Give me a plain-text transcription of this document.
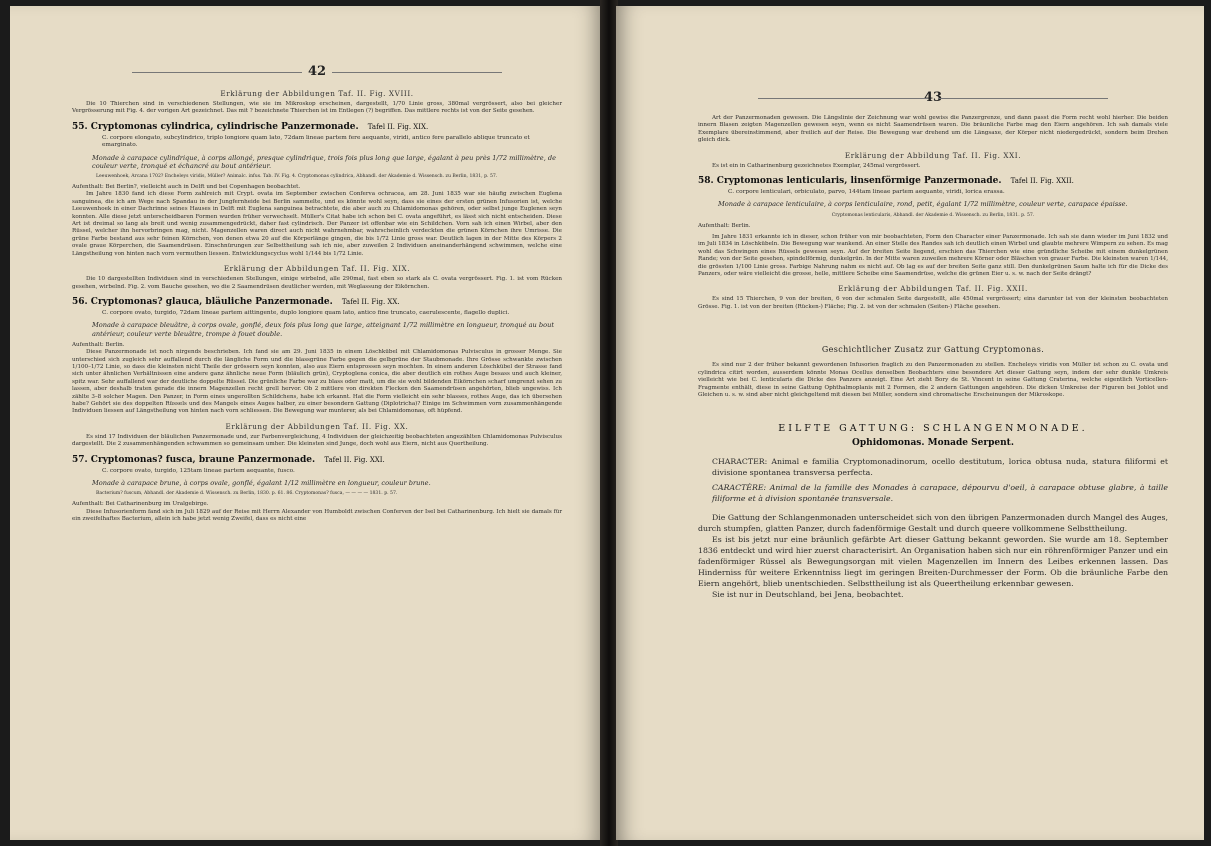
42
Erklärung der Abbildungen Taf. II. Fig. XVIII.

Die 10 Thierchen sind in verschiedenen Stellungen, wie sie im Mikroskop erscheinen, dargestellt, 1/70 Linie gross, 380mal vergrössert, also bei gleicher Vergrösserung mit Fig. 4. der vorigen Art gezeichnet. Das mit ? bezeichnete Thierchen ist im Entlegen (?) begriffen. Das mittlere rechts ist von der Seite gesehen.

55. Cryptomonas cylindrica, cylindrische Panzermonade. Tafel II. Fig. XIX.

C. corpore elongato, subcylindrico, triplo longiore quam lato, 72dam lineae partem fere aequante, viridi, antico fere parallelo ablique truncato et emarginato.

Monade à carapace cylindrique, à corps allongé, presque cylindrique, trois fois plus long que large, égalant à peu près 1/72 millimètre, de couleur verte, tronqué et échancré au bout antérieur.

Leeuwenhoek, Arcana 1702? Encheleys viridis, Müller? Animalc. infus. Tab. IV. Fig. 4. Cryptomonas cylindrica, Abhandl. der Akademie d. Wissensch. zu Berlin, 1831, p. 57.

Aufenthalt: Bei Berlin?, vielleicht auch in Delft und bei Copenhagen beobachtet.

Im Jahre 1830 fand ich diese Form zahlreich mit Crypt. ovata im September zwischen Conferva ochracea, am 28. Juni 1835 war sie häufig zwischen Euglena sanguinea, die ich am Wege nach Spandau in der Jungfernheide bei Berlin sammelte, und es könnte wohl seyn, dass sie eines der ersten grünen Infusorien ist, welche Leeuwenhoek in einer Dachrinne seines Hauses in Delft mit Euglena sanguinea betrachtete, die aber auch zu Chlamidomonas gehören, oder selbst junge Euglenen seyn konnten. Alle diese jetzt unterscheidbaren Formen wurden früher verwechselt. Müller's Citat habe ich schon bei C. ovata angeführt, es lässt sich nicht entscheiden. Diese Art ist dreimal so lang als breit und wenig zusammengedrückt, daher fast cylindrisch. Der Panzer ist offenbar wie ein Schildchen. Vorn sah ich einen Wirbel, aber den Rüssel, welcher ihn hervorbringen mag, nicht. Magenzellen waren direct auch nicht wahrnehmbar, wahrscheinlich verdeckten die grünen Körnchen ihre Umrisse. Die grüne Farbe bestand aus sehr feinen Körnchen, von denen etwa 20 auf die Körperlänge gingen, die bis 1/72 Linie gross war. Deutlich lagen in der Mitte des Körpers 2 ovale graue Körperchen, die Saamendrüsen. Einschnürungen zur Selbsttheilung sah ich nie, aber zuweilen 2 Individuen aneinanderhängend schwimmen, welche eine Längstheilung von hinten nach vorn vermuthen liessen. Entwicklungscyclus wohl 1/144 bis 1/72 Linie.

Erklärung der Abbildungen Taf. II. Fig. XIX.

Die 10 dargestellten Individuen sind in verschiedenen Stellungen, einige wirbelnd, alle 290mal, fast eben so stark als C. ovata vergrössert. Fig. 1. ist vom Rücken gesehen, wirbelnd. Fig. 2. vom Bauche gesehen, wo die 2 Saamendrüsen deutlicher werden, mit Weglassung der Eikörnchen.

56. Cryptomonas? glauca, bläuliche Panzermonade. Tafel II. Fig. XX.

C. corpore ovato, turgido, 72dam lineae partem aittingente, duplo longiore quam lato, antico fine truncato, caerulescente, flagello duplici.

Monade à carapace bleuâtre, à corps ovale, gonflé, deux fois plus long que large, atteignant 1/72 millimètre en longueur, tronqué au bout antérieur, couleur verte bleuâtre, trompe à fouet double.

Aufenthalt: Berlin.

Diese Panzermonade ist noch nirgends beschrieben. Ich fand sie am 29. Juni 1835 in einem Löschkübel mit Chlamidomonas Pulvisculus in grosser Menge. Sie unterschied sich zugleich sehr auffallend durch die längliche Form und die blassgrüne Farbe gegen die gelbgrüne der Staubmonade. Ihre Grösse schwankte zwischen 1/100–1/72 Linie, so dass die kleinsten nicht Theile der grössern seyn konnten, also aus Eiern entsprossen seyn mochten. In einem anderen Löschkübel der Strasse fand sich unter ähnlichen Verhältnissen eine andere ganz ähnliche neue Form (bläulich grün), Cryptoglena conica, die aber deutlich ein rothes Auge besass und auch kleiner, spitz war. Sehr auffallend war der deutliche doppelte Rüssel. Die grünliche Farbe war zu blass oder matt, um die sie wohl bildenden Eikörnchen scharf umgrenzt sehen zu lassen, aber deshalb traten gerade die innern Magenzellen recht grell hervor. Ob 2 mittlere von direkten Flecken den Saamendrüsen angehörten, blieb ungewiss. Ich zählte 3–8 solcher Magen. Den Panzer, in Form eines ungerollten Schildchens, habe ich erkannt. Hat die Form vielleicht ein sehr blasses, rothes Auge, das ich übersehen habe? Gehört sie des doppelten Rüssels und des Mangels eines Auges halber, zu einer besondern Gattung (Diplotricha)? Einige im Schwimmen vorn zusammenhängende Individuen liessen auf Längstheilung von hinten nach vorn schliessen. Die Bewegung war munterer, als bei Chlamidomonas, oft hüpfend.

Erklärung der Abbildungen Taf. II. Fig. XX.

Es sind 17 Individuen der bläulichen Panzermonade und, zur Farbenvergleichung, 4 Individuen der gleichzeitig beobachteten angezählten Chlamidomonas Pulvisculus dargestellt. Die 2 zusammenhängenden schwammen so gemeinsam umher. Die kleinsten sind Junge, doch wohl aus Eiern, nicht aus Quertheilung.

57. Cryptomonas? fusca, braune Panzermonade. Tafel II. Fig. XXI.

C. corpore ovato, turgido, 125tam lineae partem aequante, fusco.

Monade à carapace brune, à corps ovale, gonflé, égalant 1/12 millimètre en longueur, couleur brune.

Bacterium? fuscum, Abhandl. der Akademie d. Wissensch. zu Berlin, 1830. p. 61. 86. Cryptomonas? fusca, — — — — 1831. p. 57.

Aufenthalt: Bei Catharinenburg im Uralgebirge.

Diese Infusorienform fand sich im Juli 1829 auf der Reise mit Herrn Alexander von Humboldt zwischen Conferven der Isel bei Catharinenburg. Ich hielt sie damals für ein zweifelhaftes Bacterium, allein ich habe jetzt wenig Zweifel, dass es nicht eine

43

Art der Panzermonaden gewesen. Die Längslinie der Zeichnung war wohl gewiss die Panzergrenze, und dann passt die Form recht wohl hierher. Die beiden innern Blasen zeigten Magenzellen gewesen seyn, wenn es nicht Saamendrüsen waren. Die bräunliche Farbe mag den Eiern angehören. Ich sah damals viele Exemplare übereinstimmend, aber freilich auf der Reise. Die Bewegung war drehend um die Längsaxe, der Körper nicht niedergedrückt, sondern beim Drehen gleich dick.

Erklärung der Abbildung Taf. II. Fig. XXI.

Es ist ein in Catharinenburg gezeichnetes Exemplar, 245mal vergrössert.

58. Cryptomonas lenticularis, linsenförmige Panzermonade. Tafel II. Fig. XXII.

C. corpore lenticulari, orbiculato, parvo, 144tam lineae partem aequante, viridi, lorica erassa.

Monade à carapace lenticulaire, à corps lenticulaire, rond, petit, égalant 1/72 millimètre, couleur verte, carapace épaisse.

Cryptomonas lenticularis, Abhandl. der Akademie d. Wissensch. zu Berlin, 1831. p. 57.

Aufenthalt: Berlin.

Im Jahre 1831 erkannte ich in dieser, schon früher von mir beobachteten, Form den Character einer Panzermonade. Ich sah sie dann wieder im Juni 1832 und im Juli 1834 in Löschkübeln. Die Bewegung war wankend. An einer Stelle des Randes sah ich deutlich einen Wirbel und glaubte mehrere Wimpern zu sehen. Es mag wohl das Schwingen eines Rüssels gewesen seyn. Auf der breiten Seite liegend, erschien das Thierchen wie eine gründliche Scheibe mit einem dunkelgrünen Rande; von der Seite gesehen, spindelförmig, dunkelgrün. In der Mitte waren zuweilen mehrere Körner oder Bläschen von grauer Farbe. Die kleinsten waren 1/144, die grössten 1/100 Linie gross. Farbige Nahrung nahm es nicht auf. Ob lag es auf der breiten Seite ganz still. Den dunkelgrünen Saum halte ich für die Dicke des Panzers, oder wäre vielleicht die grosse, helle, mittlere Scheibe eine Saamendrüse, welche die grünen Eier u. s. w. nach der Seite drängt?

Erklärung der Abbildungen Taf. II. Fig. XXII.

Es sind 15 Thierchen, 9 von der breiten, 6 von der schmalen Seite dargestellt, alle 450mal vergrössert; eins darunter ist von der kleinsten beobachteten Grösse. Fig. 1. ist von der breiten (Rücken-) Fläche; Fig. 2. ist von der schmalen (Seiten-) Fläche gesehen.

Geschichtlicher Zusatz zur Gattung Cryptomonas.

Es sind nur 2 der früher bekannt gewordenen Infusorien fraglich zu den Panzermonaden zu stellen. Encheleys viridis von Müller ist schon zu C. ovata und cylindrica citirt worden, ausserdem könnte Monas Ocellus denselben Beobachters eine besondere Art dieser Gattung seyn, indem der sehr dunkle Umkreis vielleicht wie bei C. lenticularis die Dicke des Panzers anzeigt. Eine Art zieht Bory de St. Vincent in seine Gattung Craterina, welche eigentlich Vorticellen-Fragmente enthält, diese in seine Gattung Ophthalmoplanis mit 2 Formen, die 2 andern Gattungen angehören. Die dicken Umkreise der Figuren bei Joblot und Gleichen u. s. w. sind aber nicht gleichgeltend mit diesen bei Müller, sondern sind chromatische Erscheinungen der Mikroskope.

EILFTE GATTUNG: SCHLANGENMONADE.
Ophidomonas. Monade Serpent.

CHARACTER: Animal e familia Cryptomonadinorum, ocello destitutum, lorica obtusa nuda, statura filiformi et divisione spontanea transversa perfecta.

CARACTÈRE: Animal de la famille des Monades à carapace, dépourvu d'oeil, à carapace obtuse glabre, à taille filiforme et à division spontanée transversale.

Die Gattung der Schlangenmonaden unterscheidet sich von den übrigen Panzermonaden durch Mangel des Auges, durch stumpfen, glatten Panzer, durch fadenförmige Gestalt und durch queere vollkommene Selbsttheilung.

Es ist bis jetzt nur eine bräunlich gefärbte Art dieser Gattung bekannt geworden. Sie wurde am 18. September 1836 entdeckt und wird hier zuerst characterisirt. An Organisation haben sich nur ein röhrenförmiger Panzer und ein fadenförmiger Rüssel als Bewegungsorgan mit vielen Magenzellen im Innern des Leibes erkennen lassen. Das Hinderniss für weitere Erkenntniss liegt im geringen Breiten-Durchmesser der Form. Ob die bräunliche Farbe den Eiern angehört, blieb unentschieden. Selbsttheilung ist als Queertheilung erkennbar gewesen.

Sie ist nur in Deutschland, bei Jena, beobachtet.
